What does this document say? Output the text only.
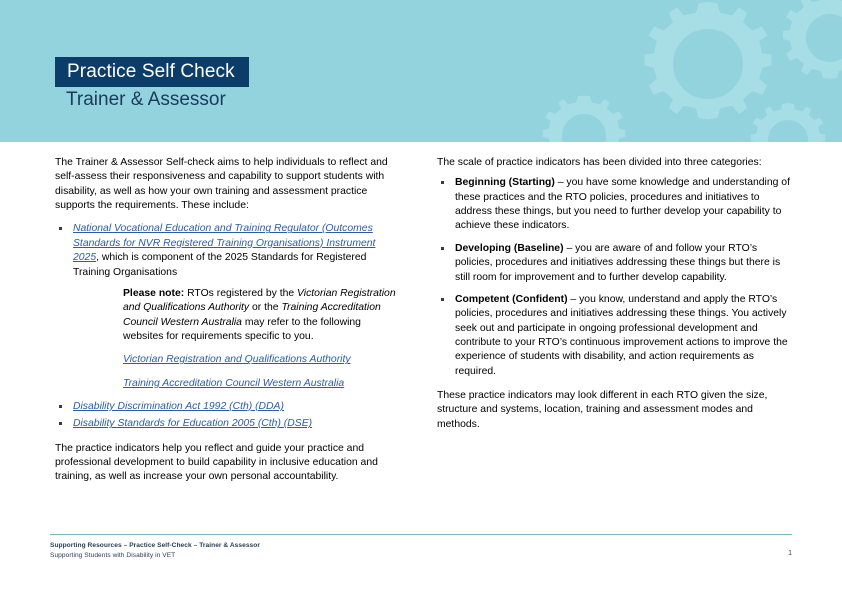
Practice Self Check
Trainer & Assessor

The Trainer & Assessor Self-check aims to help individuals to reflect and self-assess their responsiveness and capability to support students with disability, as well as how your own training and assessment practice supports the requirements. These include:

National Vocational Education and Training Regulator (Outcomes Standards for NVR Registered Training Organisations) Instrument 2025, which is component of the 2025 Standards for Registered Training Organisations

Please note: RTOs registered by the Victorian Registration and Qualifications Authority or the Training Accreditation Council Western Australia may refer to the following websites for requirements specific to you.

Victorian Registration and Qualifications Authority
Training Accreditation Council Western Australia
Disability Discrimination Act 1992 (Cth) (DDA)
Disability Standards for Education 2005 (Cth) (DSE)

The practice indicators help you reflect and guide your practice and professional development to build capability in inclusive education and training, as well as increase your own personal accountability.

The scale of practice indicators has been divided into three categories:

Beginning (Starting) – you have some knowledge and understanding of these practices and the RTO policies, procedures and initiatives to address these things, but you need to further develop your capability to achieve these indicators.
Developing (Baseline) – you are aware of and follow your RTO’s policies, procedures and initiatives addressing these things but there is still room for improvement and to further develop capability.
Competent (Confident) – you know, understand and apply the RTO’s policies, procedures and initiatives addressing these things. You actively seek out and participate in ongoing professional development and contribute to your RTO’s continuous improvement actions to improve the experience of students with disability, and action requirements as required.

These practice indicators may look different in each RTO given the size, structure and systems, location, training and assessment modes and methods.

Supporting Resources – Practice Self-Check – Trainer & Assessor
Supporting Students with Disability in VET	1
